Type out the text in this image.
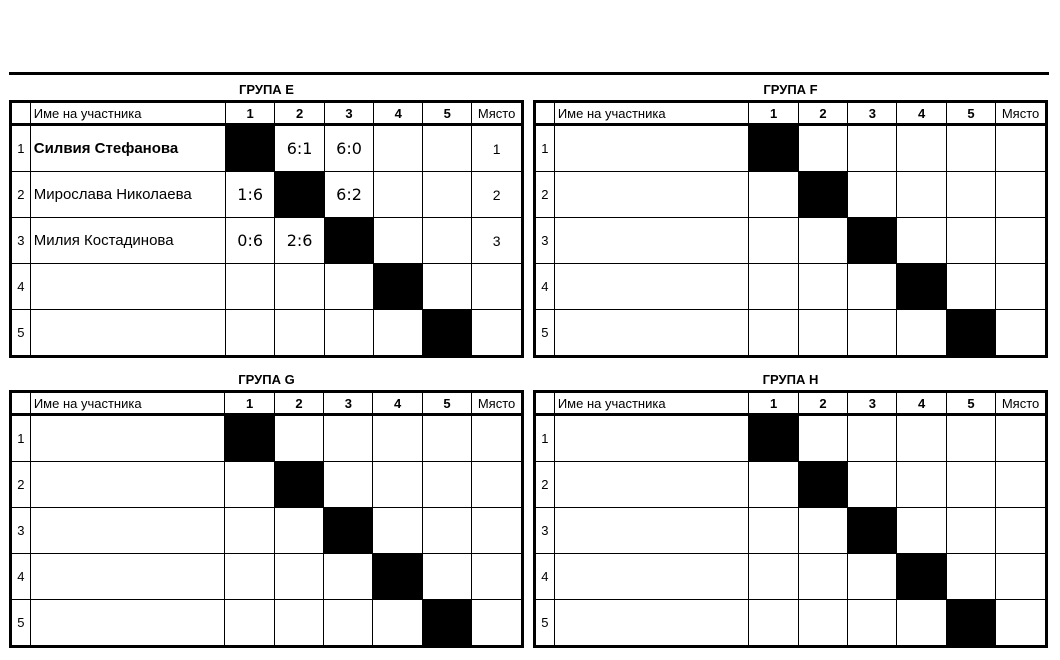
ГРУПА E
	Име на участника	1	2	3	4	5	Място
1	Силвия Стефанова		6:1	6:0			1
2	Мирослава Николаева	1:6		6:2			2
3	Милия Костадинова	0:6	2:6				3
4							
5							
ГРУПА F
	Име на участника	1	2	3	4	5	Място
1							
2							
3							
4							
5							
ГРУПА G
	Име на участника	1	2	3	4	5	Място
1							
2							
3							
4							
5							
ГРУПА H
	Име на участника	1	2	3	4	5	Място
1							
2							
3							
4							
5							
